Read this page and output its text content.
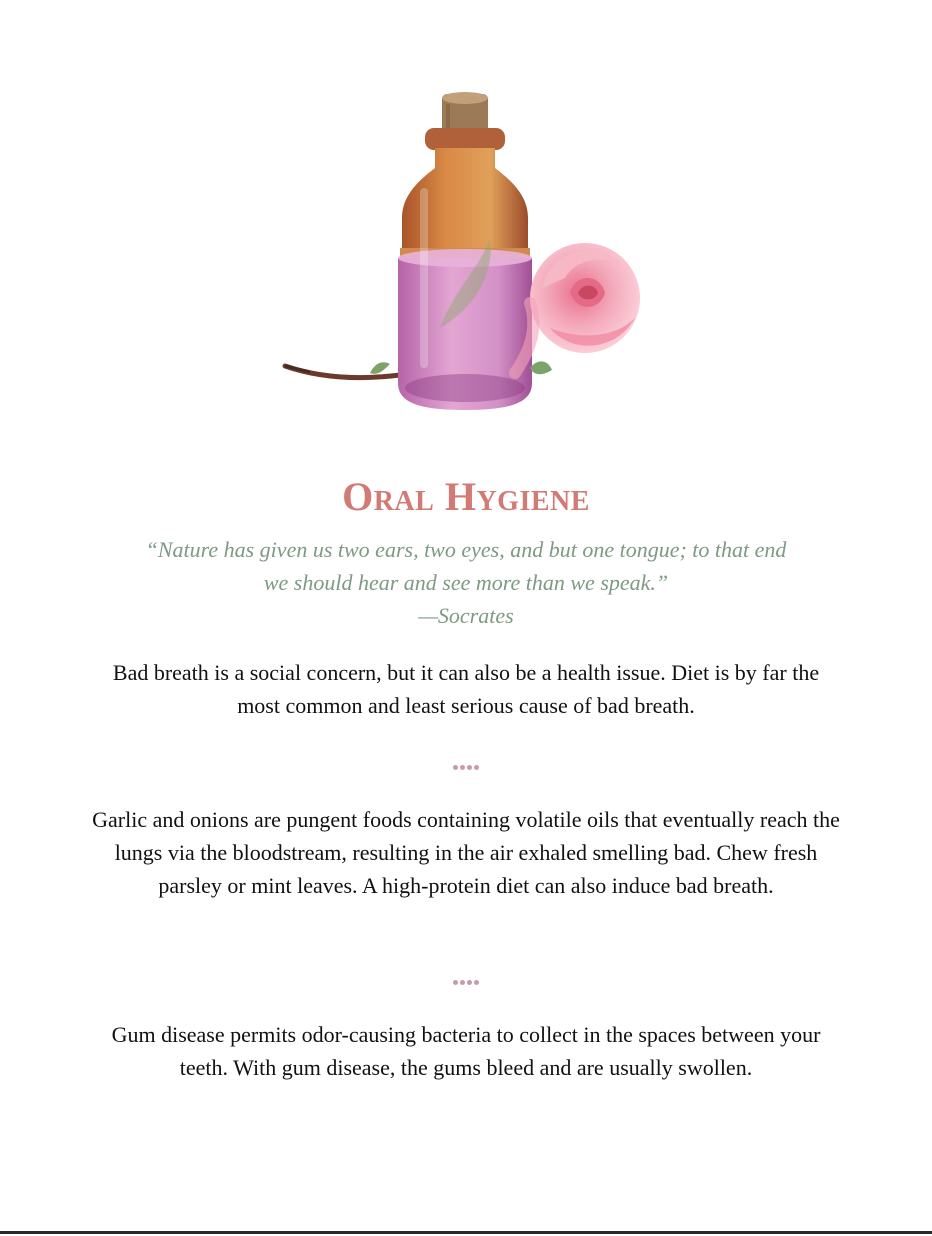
Oral Hygiene
“Nature has given us two ears, two eyes, and but one tongue; to that end
we should hear and see more than we speak.”
—Socrates
Bad breath is a social concern, but it can also be a health issue. Diet is by far the most common and least serious cause of bad breath.
Garlic and onions are pungent foods containing volatile oils that eventually reach the lungs via the bloodstream, resulting in the air exhaled smelling bad. Chew fresh parsley or mint leaves. A high-protein diet can also induce bad breath.
Gum disease permits odor-causing bacteria to collect in the spaces between your teeth. With gum disease, the gums bleed and are usually swollen.
